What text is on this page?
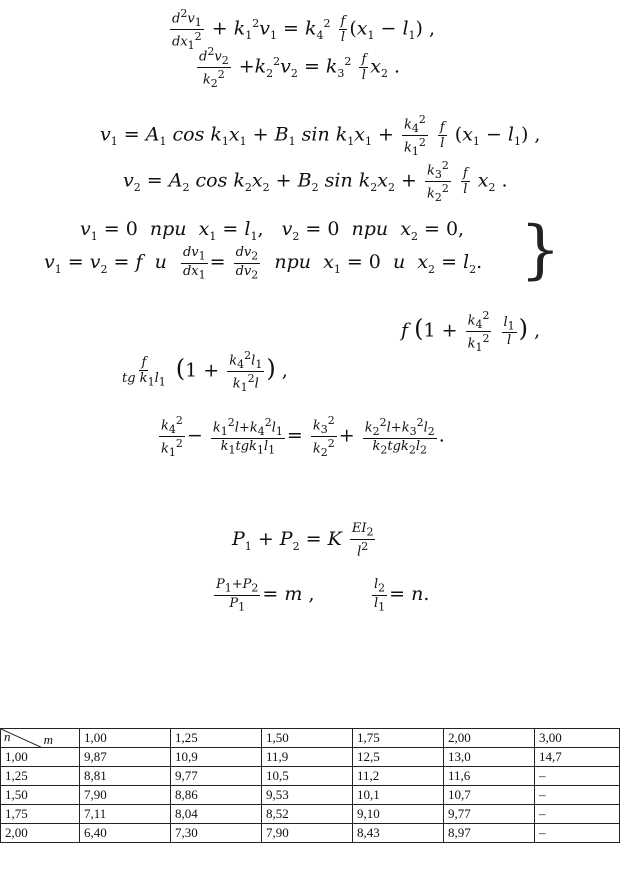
$\frac{d^2v_1}{dx_1^2} + k_1^2v_1 = k_4^2 \frac{f}{l} (x_1 - l_1)$ ,
$\frac{d^2v_2}{k_2^2} +k_2^2v_2 = k_3^2 \frac{f}{l} x_2$ .
$v_1 = A_1$ $\cos k_1x_1 + B_1$ $\sin k_1x_1 + \frac{k_4^2}{k_1^2}$
$\frac{f}{l} (x_1 - l_1)$ ,
$v_2 = A_2$ $\cos k_2x_2 + B_2$ $\sin k_2x_2 + \frac{k_3^2}{k_2^2}$
$\frac{f}{l} x_2$ .
$v_1 = 0$  при $x_1 = l_1$,   $v_2 = 0$  при $x_2 = 0$,
$v_1 = v_2 = f$ и $\frac{dv_1}{dx_1} = \frac{dv_2}{dv_2}$ при $x_1 = 0$  и $x_2 = l_2$. }
f ($1 + \frac{k_4^2}{k_1^2}$
$\frac{l_1}{l}$ ) ,
$\frac{f}{tg k_1l_1} (1 + \frac{k_4^2l_1}{k_1^2l}$ ) ,
$\frac{k_4^2}{k_1^2} - \frac{k_1^2l+k_4^2l_1}{k_1tgk_1l_1} = \frac{k_3^2}{k_2^2} + \frac{k_2^2l+k_3^2l_2}{k_2tgk_2l_2}$ .
$P_1 + P_2 = K \frac{EI_2}{l^2}$
$\frac{P_1+P_2}{P_1} = m$ ,	$\frac{l_2}{l_1} = n$.
m
n	1,00	1,25	1,50	1,75	2,00	3,00
1,00	9,87	10,9	11,9	12,5	13,0	14,7
1,25	8,81	9,77	10,5	11,2	11,6	–
1,50	7,90	8,86	9,53	10,1	10,7	–
1,75	7,11	8,04	8,52	9,10	9,77	–
2,00	6,40	7,30	7,90	8,43	8,97	–
